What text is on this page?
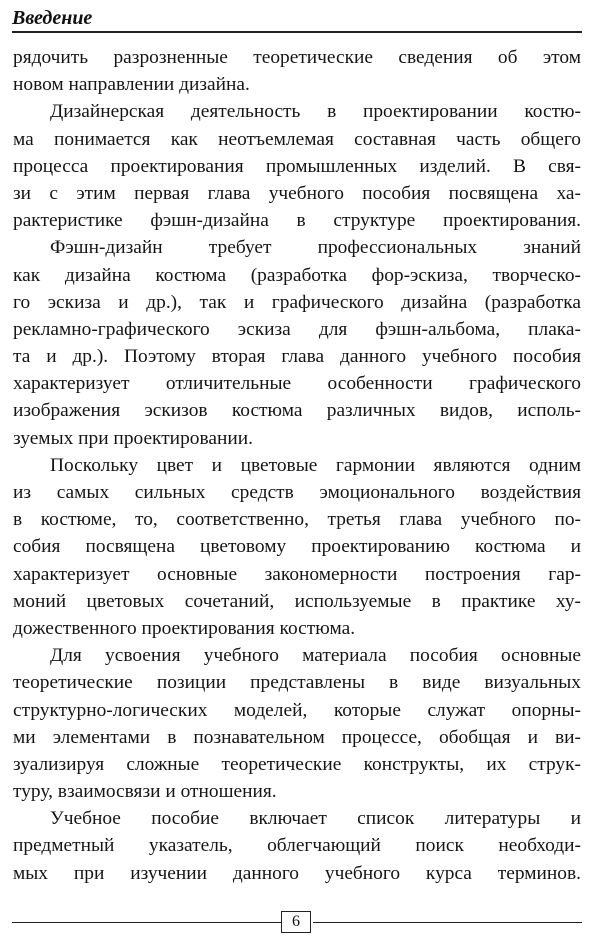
Введение
рядочить разрозненные теоретические сведения об этом
новом направлении дизайна.
Дизайнерская деятельность в проектировании костю-
ма понимается как неотъемлемая составная часть общего
процесса проектирования промышленных изделий. В свя-
зи с этим первая глава учебного пособия посвящена ха-
рактеристике фэшн-дизайна в структуре проектирования.
Фэшн-дизайн требует профессиональных знаний
как дизайна костюма (разработка фор-эскиза, творческо-
го эскиза и др.), так и графического дизайна (разработка
рекламно-графического эскиза для фэшн-альбома, плака-
та и др.). Поэтому вторая глава данного учебного пособия
характеризует отличительные особенности графического
изображения эскизов костюма различных видов, исполь-
зуемых при проектировании.
Поскольку цвет и цветовые гармонии являются одним
из самых сильных средств эмоционального воздействия
в костюме, то, соответственно, третья глава учебного по-
собия посвящена цветовому проектированию костюма и
характеризует основные закономерности построения гар-
моний цветовых сочетаний, используемые в практике ху-
дожественного проектирования костюма.
Для усвоения учебного материала пособия основные
теоретические позиции представлены в виде визуальных
структурно-логических моделей, которые служат опорны-
ми элементами в познавательном процессе, обобщая и ви-
зуализируя сложные теоретические конструкты, их струк-
туру, взаимосвязи и отношения.
Учебное пособие включает список литературы и
предметный указатель, облегчающий поиск необходи-
мых при изучении данного учебного курса терминов.
6
